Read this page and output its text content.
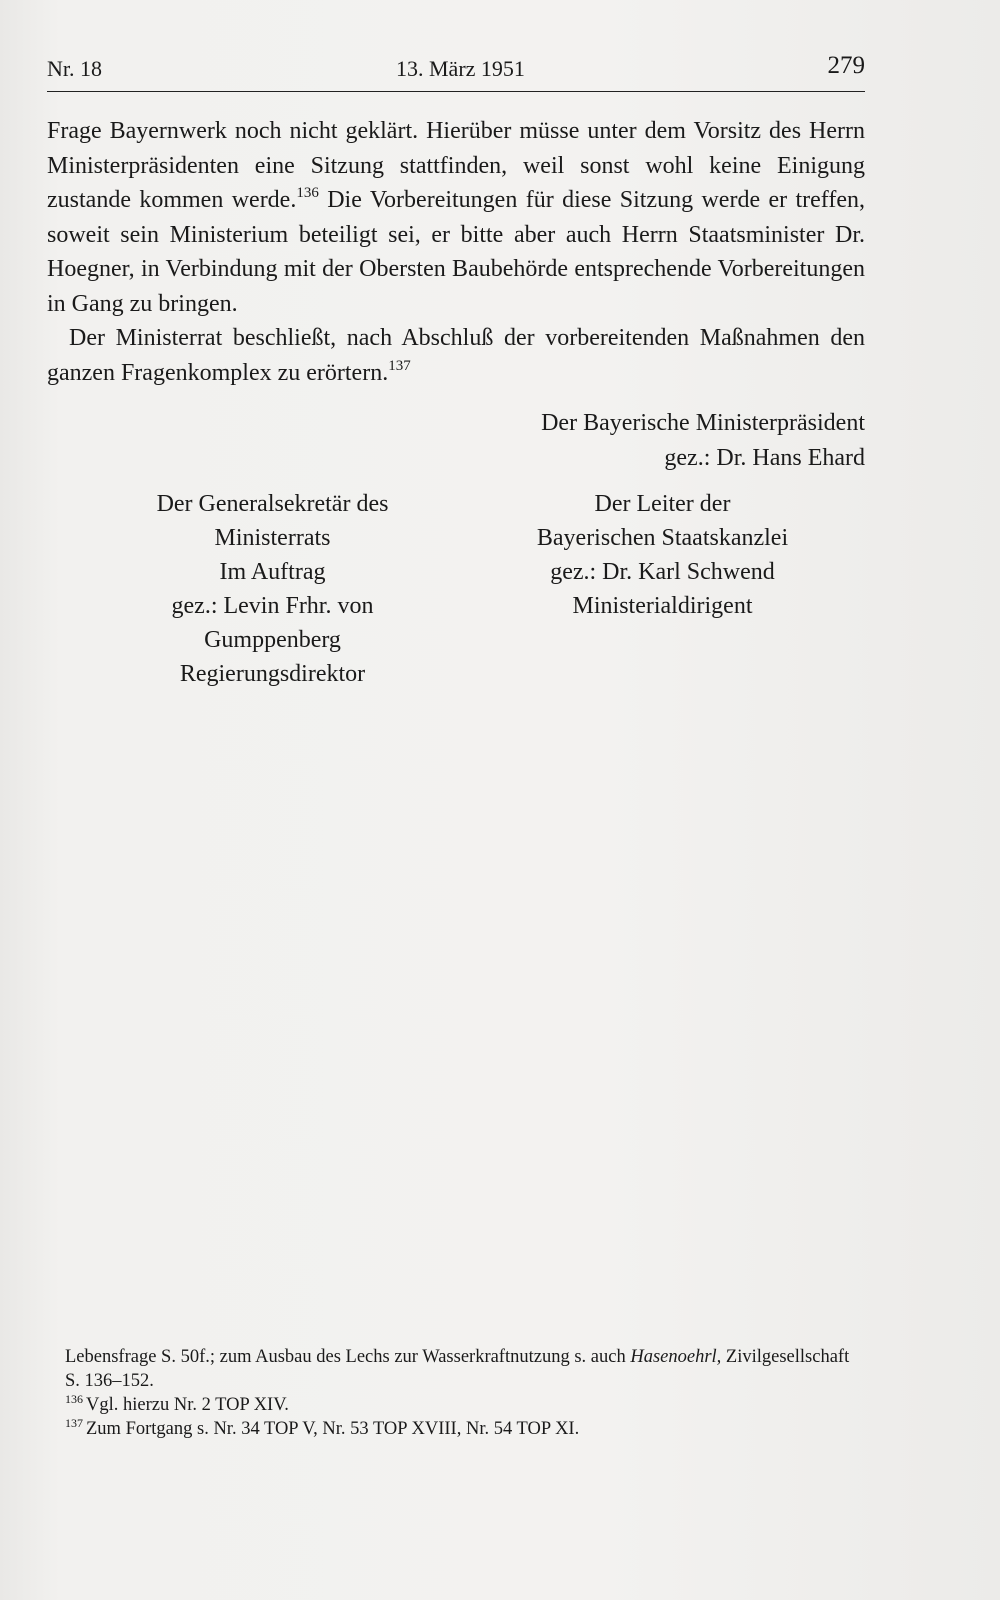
Nr. 18	13. März 1951	279

Frage Bayernwerk noch nicht geklärt. Hierüber müsse unter dem Vorsitz des Herrn Ministerpräsidenten eine Sitzung stattfinden, weil sonst wohl keine Einigung zustande kommen werde.$^{136}$ Die Vorbereitungen für diese Sitzung werde er treffen, soweit sein Ministerium beteiligt sei, er bitte aber auch Herrn Staatsminister Dr. Hoegner, in Verbindung mit der Obersten Baubehörde entsprechende Vorbereitungen in Gang zu bringen.

Der Ministerrat beschließt, nach Abschluß der vorbereitenden Maßnahmen den ganzen Fragenkomplex zu erörtern.$^{137}$

Der Bayerische Ministerpräsident
gez.: Dr. Hans Ehard
Der Generalsekretär des
Ministerrats
Im Auftrag
gez.: Levin Frhr. von Gumppenberg
Regierungsdirektor
Der Leiter der
Bayerischen Staatskanzlei
gez.: Dr. Karl Schwend
Ministerialdirigent

Lebensfrage S. 50f.; zum Ausbau des Lechs zur Wasserkraftnutzung s. auch Hasenoehrl, Zivilgesellschaft S. 136–152.

$^{136}$ Vgl. hierzu Nr. 2 TOP XIV.

$^{137}$ Zum Fortgang s. Nr. 34 TOP V, Nr. 53 TOP XVIII, Nr. 54 TOP XI.
